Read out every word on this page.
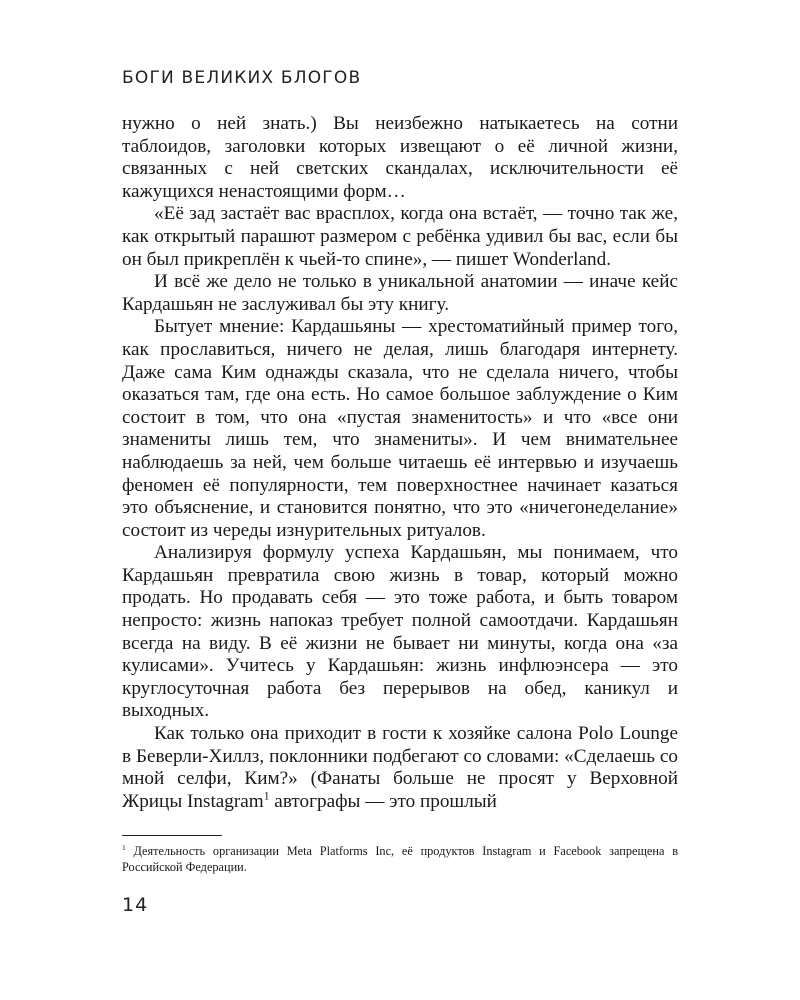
БОГИ ВЕЛИКИХ БЛОГОВ

нужно о ней знать.) Вы неизбежно натыкаетесь на сотни таблоидов, заголовки которых извещают о её личной жизни, связанных с ней светских скандалах, исключительности её кажущихся ненастоящими форм…

«Её зад застаёт вас врасплох, когда она встаёт, — точно так же, как открытый парашют размером с ребёнка удивил бы вас, если бы он был прикреплён к чьей-то спине», — пишет Wonderland.

И всё же дело не только в уникальной анатомии — иначе кейс Кардашьян не заслуживал бы эту книгу.

Бытует мнение: Кардашьяны — хрестоматийный пример того, как прославиться, ничего не делая, лишь благодаря интернету. Даже сама Ким однажды сказала, что не сделала ничего, чтобы оказаться там, где она есть. Но самое большое заблуждение о Ким состоит в том, что она «пустая знаменитость» и что «все они знамениты лишь тем, что знамениты». И чем внимательнее наблюдаешь за ней, чем больше читаешь её интервью и изучаешь феномен её популярности, тем поверхностнее начинает казаться это объяснение, и становится понятно, что это «ничегонеделание» состоит из череды изнурительных ритуалов.

Анализируя формулу успеха Кардашьян, мы понимаем, что Кардашьян превратила свою жизнь в товар, который можно продать. Но продавать себя — это тоже работа, и быть товаром непросто: жизнь напоказ требует полной самоотдачи. Кардашьян всегда на виду. В её жизни не бывает ни минуты, когда она «за кулисами». Учитесь у Кардашьян: жизнь инфлюэнсера — это круглосуточная работа без перерывов на обед, каникул и выходных.

Как только она приходит в гости к хозяйке салона Polo Lounge в Беверли-Хиллз, поклонники подбегают со словами: «Сделаешь со мной селфи, Ким?» (Фанаты больше не просят у Верховной Жрицы Instagram$^1$ автографы — это прошлый

$^1$ Деятельность организации Meta Platforms Inc, её продуктов Instagram и Facebook запрещена в Российской Федерации.
14
